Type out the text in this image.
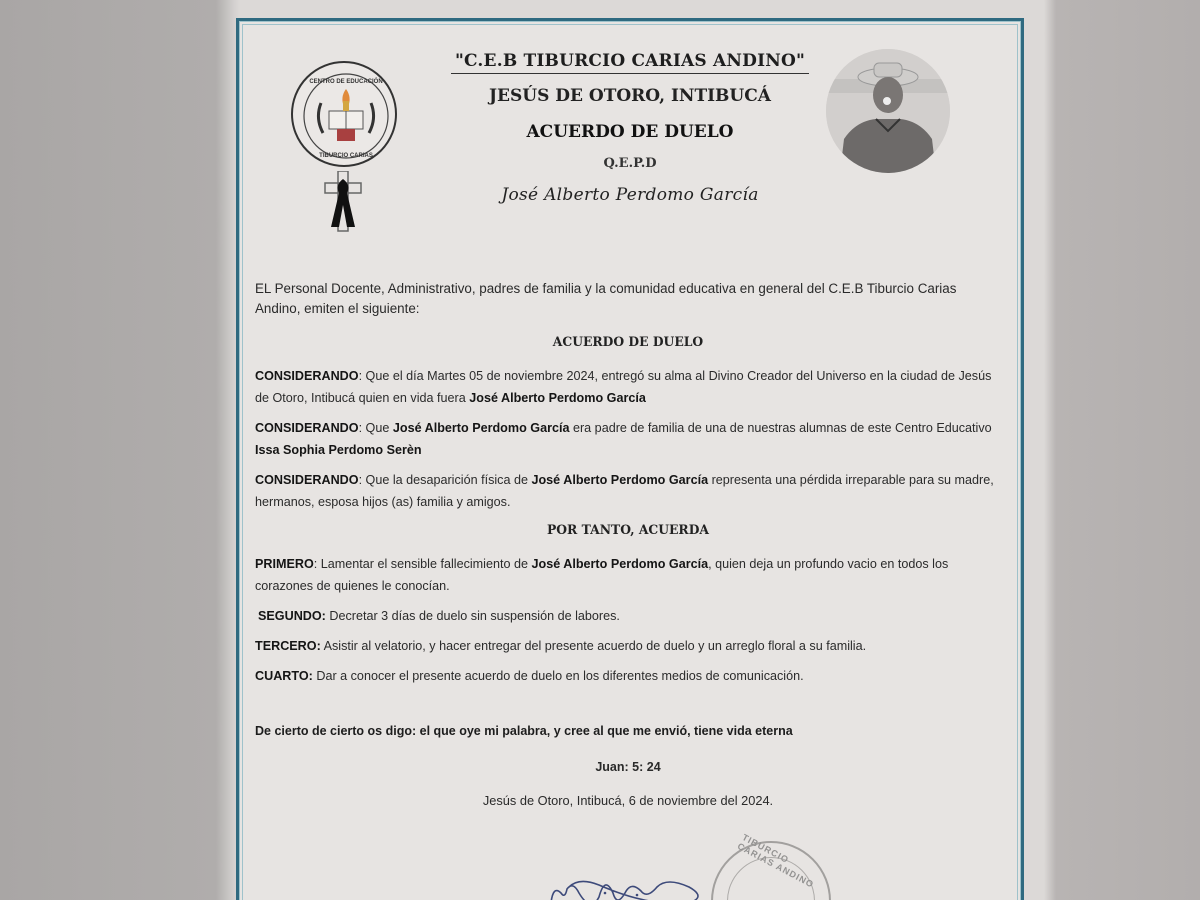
CENTRO DE EDUCACIÓN
TIBURCIO CARIAS
"C.E.B TIBURCIO CARIAS ANDINO"
JESÚS DE OTORO, INTIBUCÁ
ACUERDO DE DUELO
Q.E.P.D
José Alberto Perdomo García

EL Personal Docente, Administrativo, padres de familia y la comunidad educativa en general del C.E.B Tiburcio Carias Andino, emiten el siguiente:

ACUERDO DE DUELO

CONSIDERANDO: Que el día Martes 05 de noviembre 2024, entregó su alma al Divino Creador del Universo en la ciudad de Jesús de Otoro, Intibucá quien en vida fuera José Alberto Perdomo García

CONSIDERANDO: Que José Alberto Perdomo García era padre de familia de una de nuestras alumnas de este Centro Educativo Issa Sophia Perdomo Serèn

CONSIDERANDO: Que la desaparición física de José Alberto Perdomo García representa una pérdida irreparable para su madre, hermanos, esposa hijos (as) familia y amigos.

POR TANTO, ACUERDA

PRIMERO: Lamentar el sensible fallecimiento de José Alberto Perdomo García, quien deja un profundo vacio en todos los corazones de quienes le conocían.

SEGUNDO: Decretar 3 días de duelo sin suspensión de labores.

TERCERO: Asistir al velatorio, y hacer entregar del presente acuerdo de duelo y un arreglo floral a su familia.

CUARTO: Dar a conocer el presente acuerdo de duelo en los diferentes medios de comunicación.

De cierto de cierto os digo: el que oye mi palabra, y cree al que me envió, tiene vida eterna

Juan: 5: 24

Jesús de Otoro, Intibucá, 6 de noviembre del 2024.

TIBURCIO CARIAS ANDINO
